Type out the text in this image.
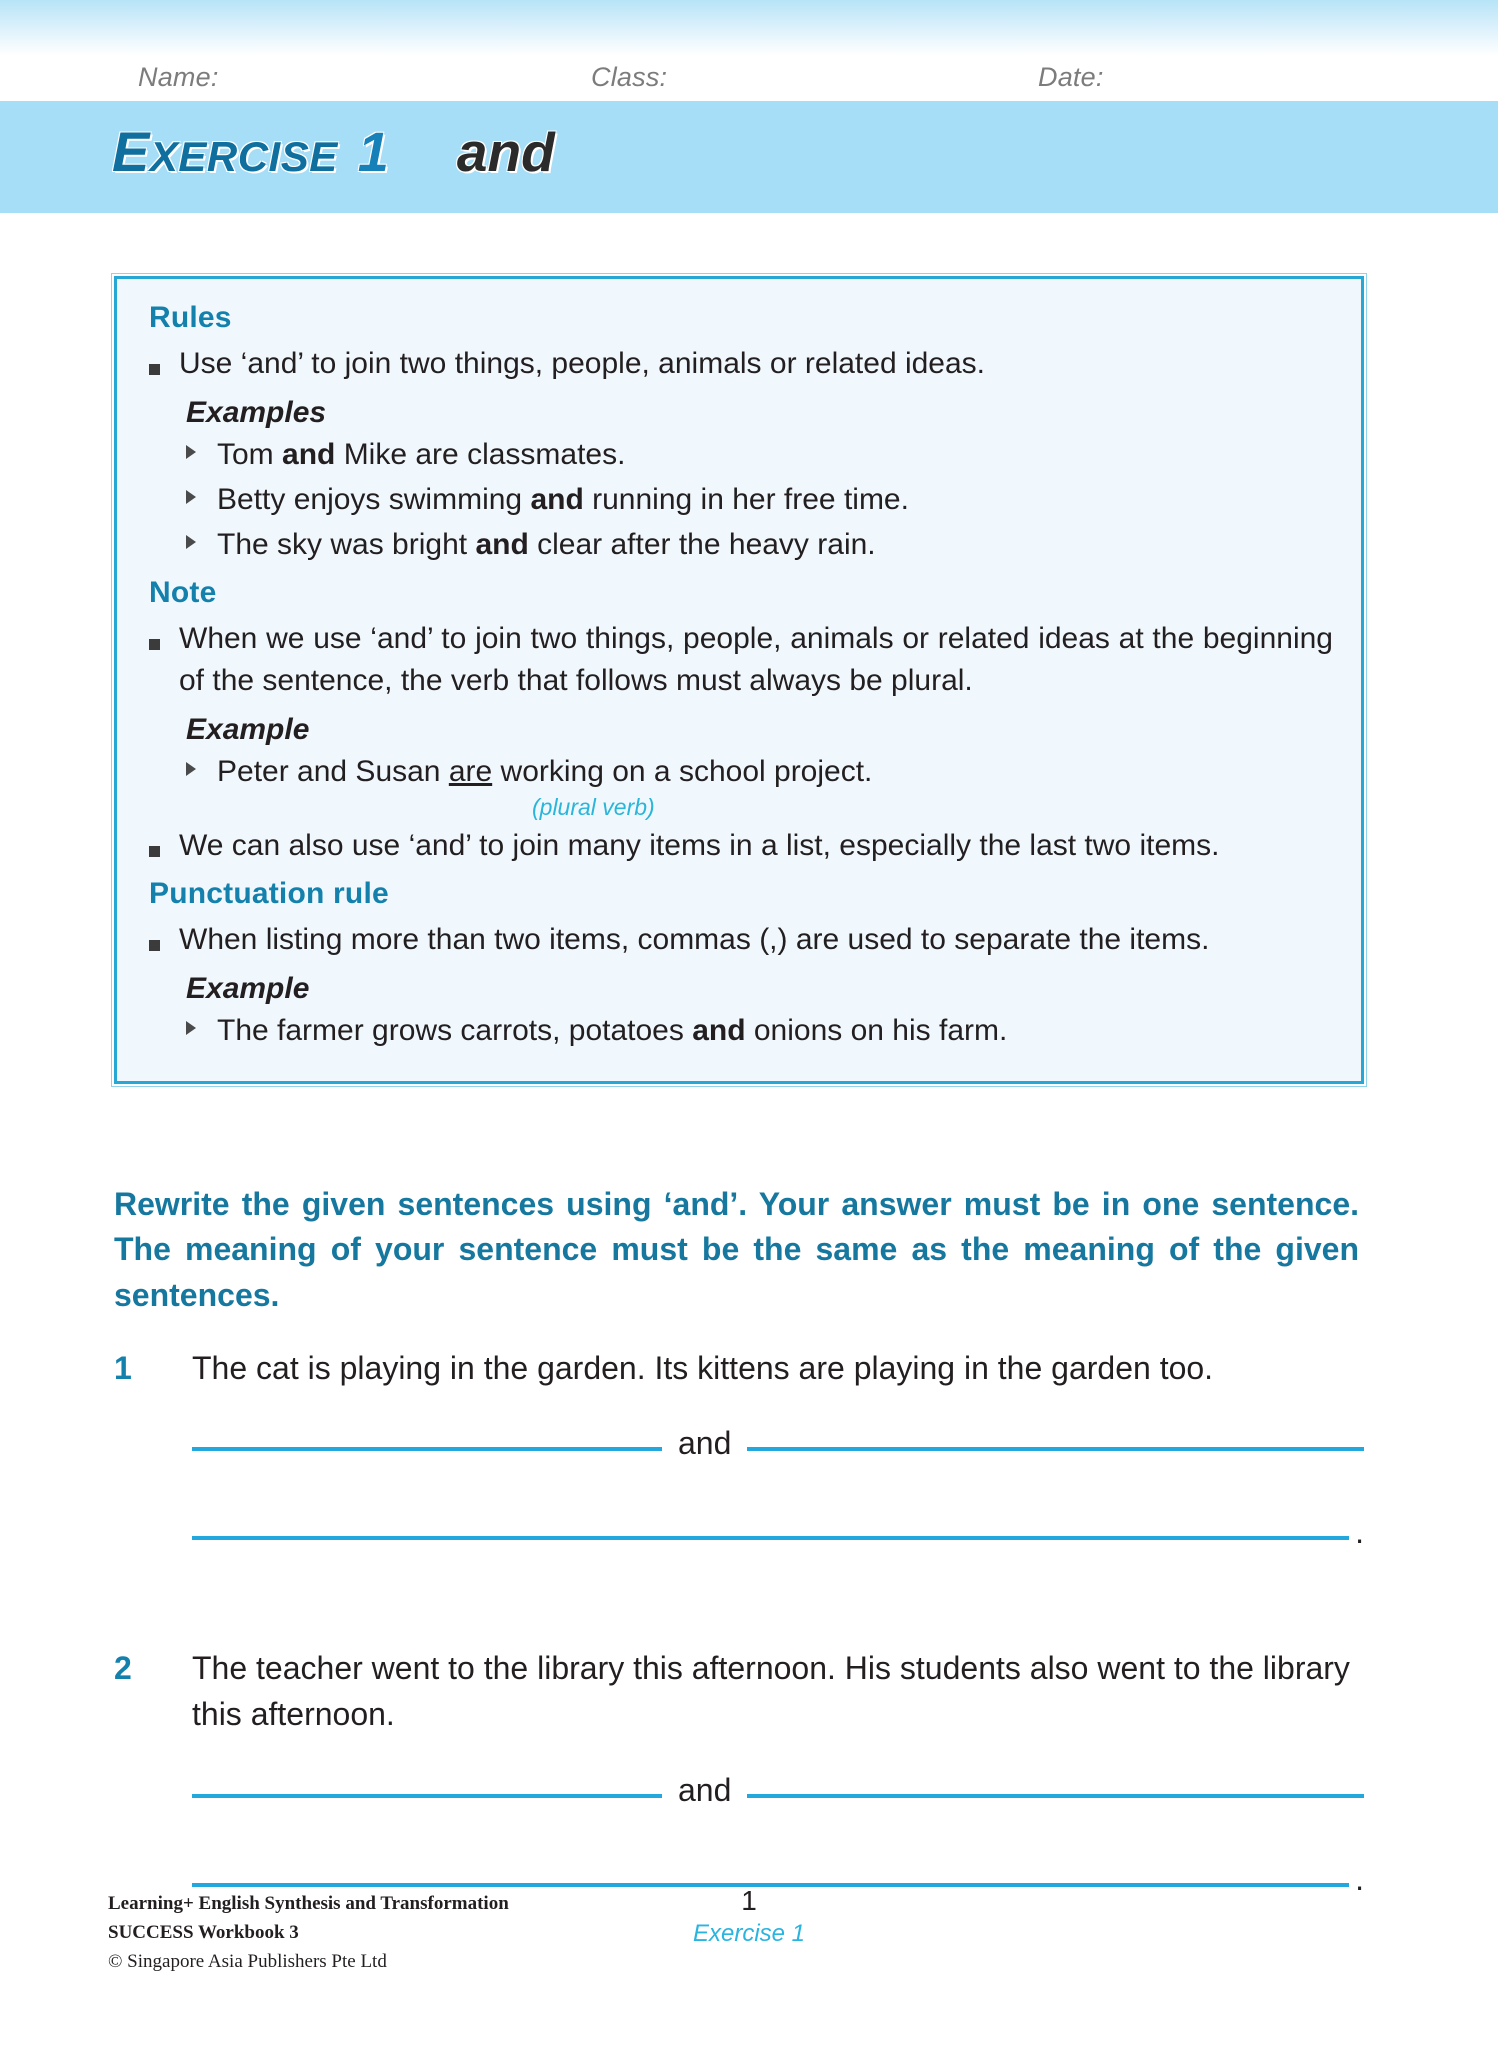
Name:	Class:	Date:
EXERCISE 1 and
Rules
Use ‘and’ to join two things, people, animals or related ideas.
Examples
Tom and Mike are classmates.
Betty enjoys swimming and running in her free time.
The sky was bright and clear after the heavy rain.
Note
When we use ‘and’ to join two things, people, animals or related ideas at the beginning of the sentence, the verb that follows must always be plural.
Example
Peter and Susan are working on a school project.
(plural verb)
We can also use ‘and’ to join many items in a list, especially the last two items.
Punctuation rule
When listing more than two items, commas (,) are used to separate the items.
Example
The farmer grows carrots, potatoes and onions on his farm.
Rewrite the given sentences using ‘and’. Your answer must be in one sentence. The meaning of your sentence must be the same as the meaning of the given sentences.
1	The cat is playing in the garden. Its kittens are playing in the garden too.
and
.
2	The teacher went to the library this afternoon. His students also went to the library this afternoon.
and
.
Learning+ English Synthesis and Transformation
SUCCESS Workbook 3
© Singapore Asia Publishers Pte Ltd
1
Exercise 1
